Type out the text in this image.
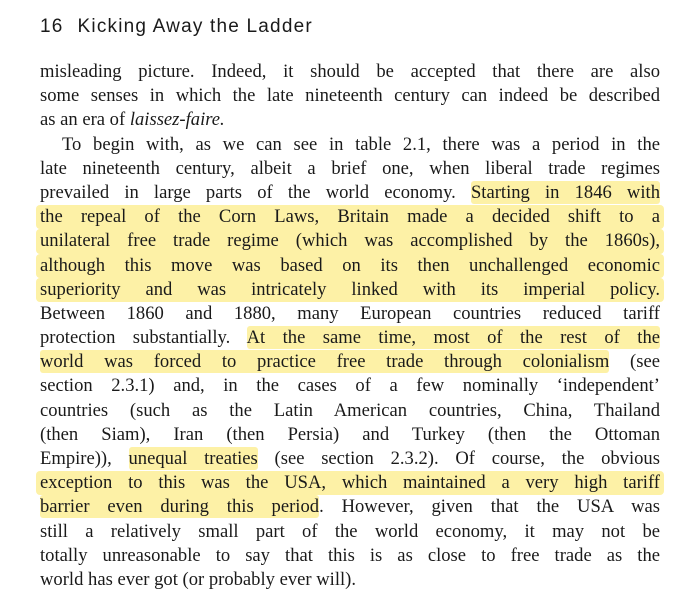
16 Kicking Away the Ladder
misleading picture. Indeed, it should be accepted that there are also
some senses in which the late nineteenth century can indeed be described
as an era of laissez-faire.
To begin with, as we can see in table 2.1, there was a period in the
late nineteenth century, albeit a brief one, when liberal trade regimes
prevailed in large parts of the world economy. Starting in 1846 with
the repeal of the Corn Laws, Britain made a decided shift to a
unilateral free trade regime (which was accomplished by the 1860s),
although this move was based on its then unchallenged economic
superiority and was intricately linked with its imperial policy.
Between 1860 and 1880, many European countries reduced tariff
protection substantially. At the same time, most of the rest of the
world was forced to practice free trade through colonialism (see
section 2.3.1) and, in the cases of a few nominally ‘independent’
countries (such as the Latin American countries, China, Thailand
(then Siam), Iran (then Persia) and Turkey (then the Ottoman
Empire)), unequal treaties (see section 2.3.2). Of course, the obvious
exception to this was the USA, which maintained a very high tariff
barrier even during this period. However, given that the USA was
still a relatively small part of the world economy, it may not be
totally unreasonable to say that this is as close to free trade as the
world has ever got (or probably ever will).
